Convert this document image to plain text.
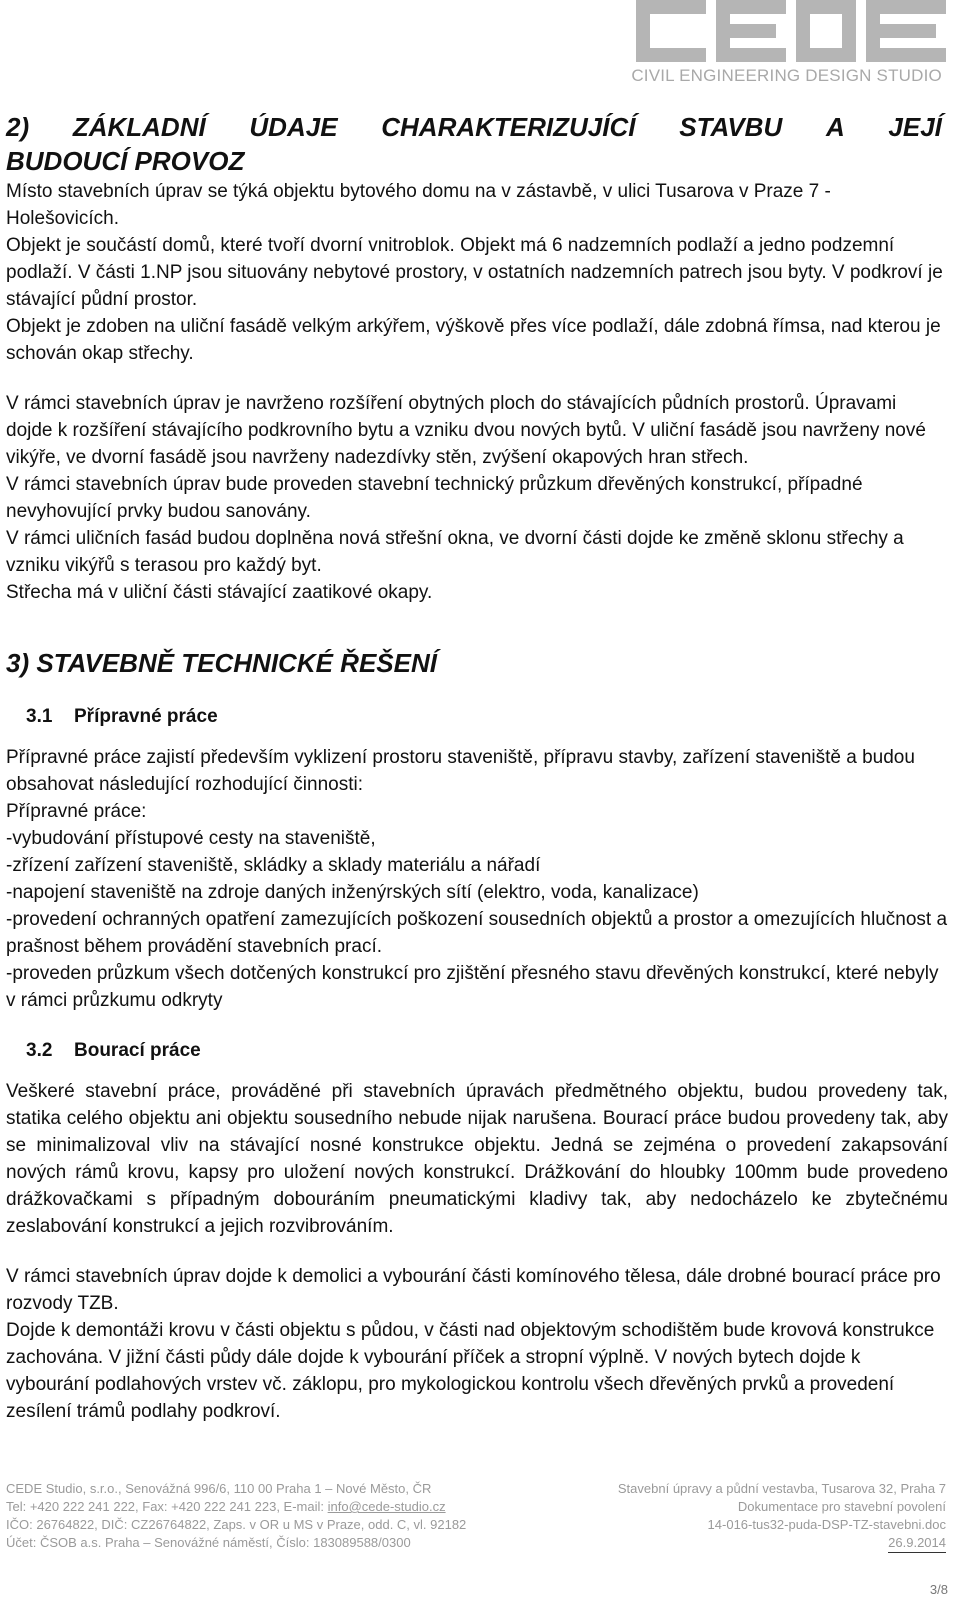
CIVIL ENGINEERING DESIGN STUDIO
2) ZÁKLADNÍ ÚDAJE CHARAKTERIZUJÍCÍ STAVBU A JEJÍ
BUDOUCÍ PROVOZ

Místo stavebních úprav se týká objektu bytového domu na v zástavbě, v ulici Tusarova v Praze 7 - Holešovicích.

Objekt je součástí domů, které tvoří dvorní vnitroblok. Objekt má 6 nadzemních podlaží a jedno podzemní podlaží. V části 1.NP jsou situovány nebytové prostory, v ostatních nadzemních patrech jsou byty. V podkroví je stávající půdní prostor.

Objekt je zdoben na uliční fasádě velkým arkýřem, výškově přes více podlaží, dále zdobná římsa, nad kterou je schován okap střechy.

V rámci stavebních úprav je navrženo rozšíření obytných ploch do stávajících půdních prostorů. Úpravami dojde k rozšíření stávajícího podkrovního bytu a vzniku dvou nových bytů. V uliční fasádě jsou navrženy nové vikýře, ve dvorní fasádě jsou navrženy nadezdívky stěn, zvýšení okapových hran střech.

V rámci stavebních úprav bude proveden stavební technický průzkum dřevěných konstrukcí, případné nevyhovující prvky budou sanovány.

V rámci uličních fasád budou doplněna nová střešní okna, ve dvorní části dojde ke změně sklonu střechy a vzniku vikýřů s terasou pro každý byt.

Střecha má v uliční části stávající zaatikové okapy.

3) STAVEBNĚ TECHNICKÉ ŘEŠENÍ
3.1 Přípravné práce

Přípravné práce zajistí především vyklizení prostoru staveniště, přípravu stavby, zařízení staveniště a budou obsahovat následující rozhodující činnosti:

Přípravné práce:

-vybudování přístupové cesty na staveniště,

-zřízení zařízení staveniště, skládky a sklady materiálu a nářadí

-napojení staveniště na zdroje daných inženýrských sítí (elektro, voda, kanalizace)

-provedení ochranných opatření zamezujících poškození sousedních objektů a prostor a omezujících hlučnost a prašnost během provádění stavebních prací.

-proveden průzkum všech dotčených konstrukcí pro zjištění přesného stavu dřevěných konstrukcí, které nebyly v rámci průzkumu odkryty

3.2 Bourací práce

Veškeré stavební práce, prováděné při stavebních úpravách předmětného objektu, budou provedeny tak, statika celého objektu ani objektu sousedního nebude nijak narušena. Bourací práce budou provedeny tak, aby se minimalizoval vliv na stávající nosné konstrukce objektu. Jedná se zejména o provedení zakapsování nových rámů krovu, kapsy pro uložení nových konstrukcí. Drážkování do hloubky 100mm bude provedeno drážkovačkami s případným dobouráním pneumatickými kladivy tak, aby nedocházelo ke zbytečnému zeslabování konstrukcí a jejich rozvibrováním.

V rámci stavebních úprav dojde k demolici a vybourání části komínového tělesa, dále drobné bourací práce pro rozvody TZB.

Dojde k demontáži krovu v části objektu s půdou, v části nad objektovým schodištěm bude krovová konstrukce zachována. V jižní části půdy dále dojde k vybourání příček a stropní výplně. V nových bytech dojde k vybourání podlahových vrstev vč. záklopu, pro mykologickou kontrolu všech dřevěných prvků a provedení zesílení trámů podlahy podkroví.

CEDE Studio, s.r.o., Senovážná 996/6, 110 00 Praha 1 – Nové Město, ČR	Stavební úpravy a půdní vestavba, Tusarova 32, Praha 7
Tel: +420 222 241 222, Fax: +420 222 241 223, E-mail: info@cede-studio.cz	Dokumentace pro stavební povolení
IČO: 26764822, DIČ: CZ26764822, Zaps. v OR u MS v Praze, odd. C, vl. 92182	14-016-tus32-puda-DSP-TZ-stavebni.doc
Účet: ČSOB a.s. Praha – Senovážné náměstí, Číslo: 183089588/0300	26.9.2014
3/8
